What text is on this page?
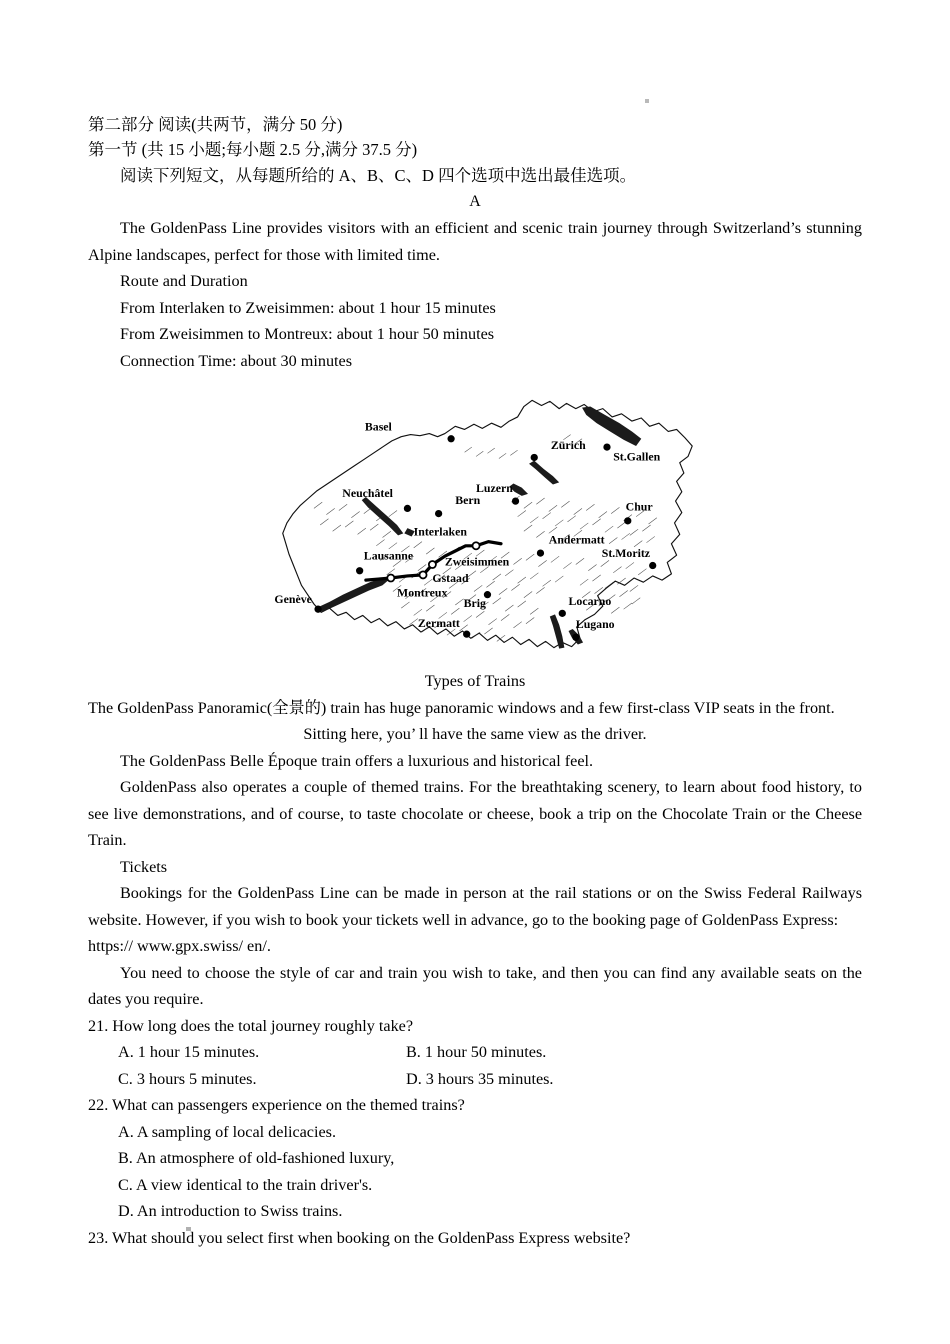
第二部分 阅读(共两节，满分 50 分)

第一节 (共 15 小题;每小题 2.5 分,满分 37.5 分)

阅读下列短文，从每题所给的 A、B、C、D 四个选项中选出最佳选项。

A

The GoldenPass Line provides visitors with an efficient and scenic train journey through Switzerland’s stunning Alpine landscapes, perfect for those with limited time.

Route and Duration

From Interlaken to Zweisimmen: about 1 hour 15 minutes

From Zweisimmen to Montreux: about 1 hour 50 minutes

Connection Time: about 30 minutes

Basel
Zürich
St.Gallen
Neuchâtel
Bern
Luzern
Chur
Interlaken
Andermatt
Zweisimmen
St.Moritz
Lausanne
Gstaad
Montreux
Genève	Brig	Locarno
Zermatt	Lugano

Types of Trains

The GoldenPass Panoramic(全景的) train has huge panoramic windows and a few first-class VIP seats in the front.

Sitting here, you’ ll have the same view as the driver.

The GoldenPass Belle Époque train offers a luxurious and historical feel.

GoldenPass also operates a couple of themed trains. For the breathtaking scenery, to learn about food history, to see live demonstrations, and of course, to taste chocolate or cheese, book a trip on the Chocolate Train or the Cheese Train.

Tickets

Bookings for the GoldenPass Line can be made in person at the rail stations or on the Swiss Federal Railways website. However, if you wish to book your tickets well in advance, go to the booking page of GoldenPass Express:

https:// www.gpx.swiss/ en/.

You need to choose the style of car and train you wish to take, and then you can find any available seats on the dates you require.

21. How long does the total journey roughly take?

A. 1 hour 15 minutes.	B. 1 hour 50 minutes.
C. 3 hours 5 minutes.	D. 3 hours 35 minutes.

22. What can passengers experience on the themed trains?

A. A sampling of local delicacies.
B. An atmosphere of old-fashioned luxury,
C. A view identical to the train driver's.
D. An introduction to Swiss trains.

23. What should you select first when booking on the GoldenPass Express website?
